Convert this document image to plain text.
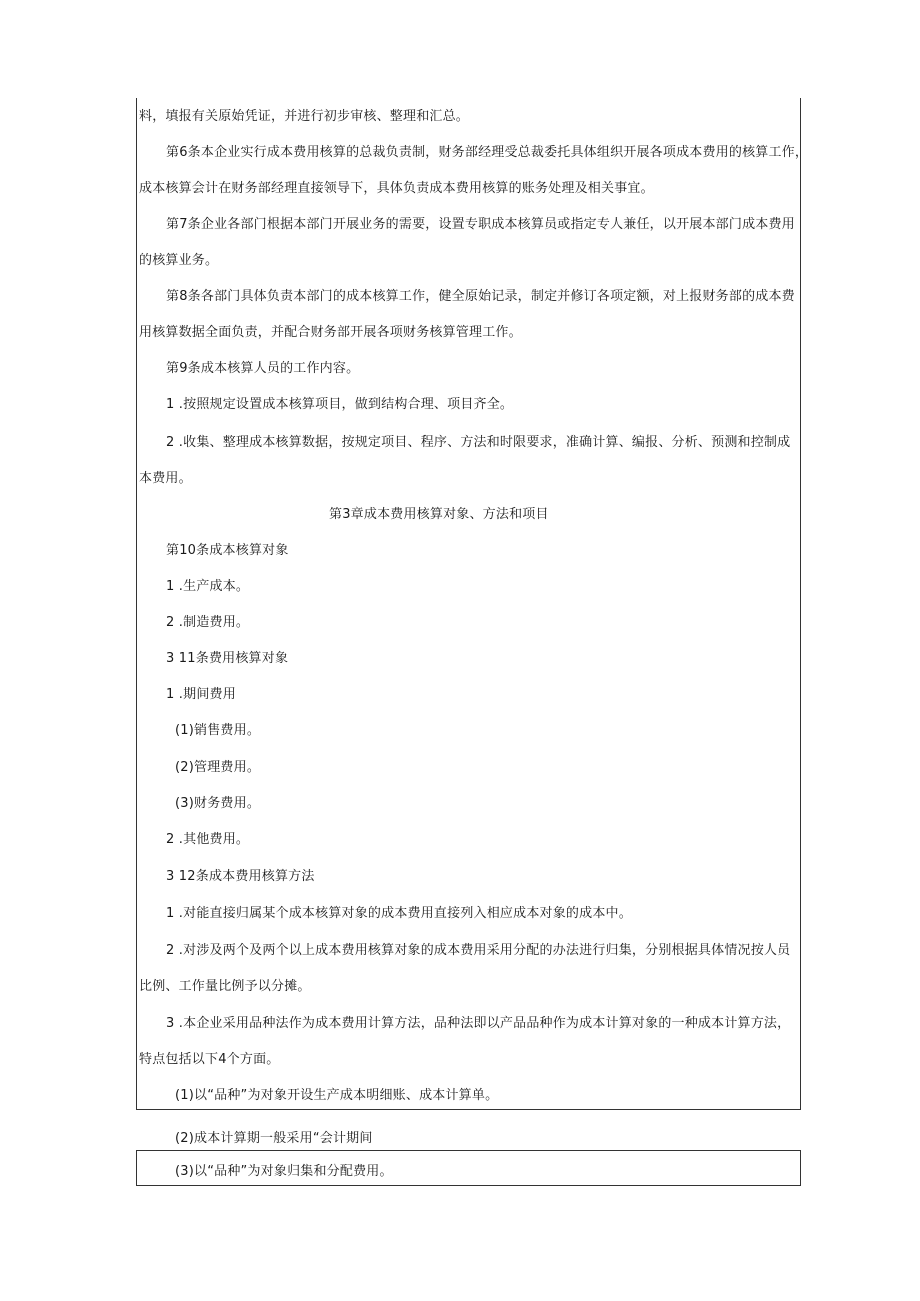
料，填报有关原始凭证，并进行初步审核、整理和汇总。
第6条本企业实行成本费用核算的总裁负责制，财务部经理受总裁委托具体组织开展各项成本费用的核算工作，
成本核算会计在财务部经理直接领导下，具体负责成本费用核算的账务处理及相关事宜。
第7条企业各部门根据本部门开展业务的需要，设置专职成本核算员或指定专人兼任，以开展本部门成本费用
的核算业务。
第8条各部门具体负责本部门的成本核算工作，健全原始记录，制定并修订各项定额，对上报财务部的成本费
用核算数据全面负责，并配合财务部开展各项财务核算管理工作。
第9条成本核算人员的工作内容。
1 .按照规定设置成本核算项目，做到结构合理、项目齐全。
2 .收集、整理成本核算数据，按规定项目、程序、方法和时限要求，准确计算、编报、分析、预测和控制成
本费用。
第3章成本费用核算对象、方法和项目
第10条成本核算对象
1 .生产成本。
2 .制造费用。
3 11条费用核算对象
1 .期间费用
(1)销售费用。
(2)管理费用。
(3)财务费用。
2 .其他费用。
3 12条成本费用核算方法
1 .对能直接归属某个成本核算对象的成本费用直接列入相应成本对象的成本中。
2 .对涉及两个及两个以上成本费用核算对象的成本费用采用分配的办法进行归集，分别根据具体情况按人员
比例、工作量比例予以分摊。
3 .本企业采用品种法作为成本费用计算方法，品种法即以产品品种作为成本计算对象的一种成本计算方法，
特点包括以下4个方面。
(1)以“品种”为对象开设生产成本明细账、成本计算单。
(2)成本计算期一般采用“会计期间
(3)以“品种”为对象归集和分配费用。
